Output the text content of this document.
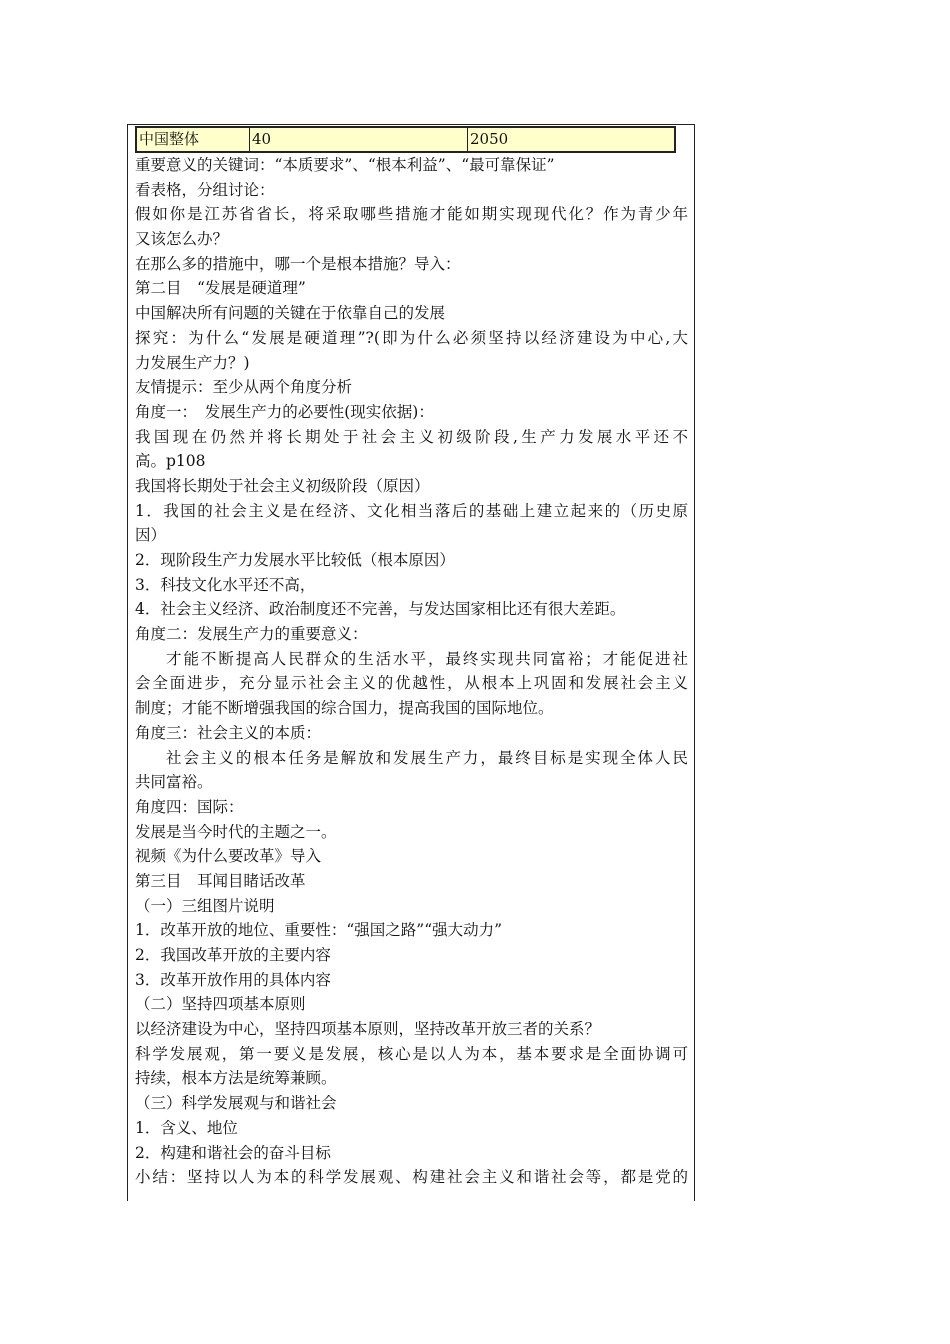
中国整体	40	2050
重要意义的关键词：“本质要求”、“根本利益”、“最可靠保证”
看表格，分组讨论：
假如你是江苏省省长，将采取哪些措施才能如期实现现代化？作为青少年
又该怎么办？
在那么多的措施中，哪一个是根本措施？导入：
第二目　“发展是硬道理”
中国解决所有问题的关键在于依靠自己的发展
探究：为什么“发展是硬道理”?(即为什么必须坚持以经济建设为中心,大
力发展生产力？)
友情提示：至少从两个角度分析
角度一：　发展生产力的必要性(现实依据)：
我国现在仍然并将长期处于社会主义初级阶段,生产力发展水平还不
高。p108
我国将长期处于社会主义初级阶段（原因）
1．我国的社会主义是在经济、文化相当落后的基础上建立起来的（历史原
因）
2．现阶段生产力发展水平比较低（根本原因）
3．科技文化水平还不高，
4．社会主义经济、政治制度还不完善，与发达国家相比还有很大差距。
角度二：发展生产力的重要意义：
才能不断提高人民群众的生活水平，最终实现共同富裕；才能促进社
会全面进步，充分显示社会主义的优越性，从根本上巩固和发展社会主义
制度；才能不断增强我国的综合国力，提高我国的国际地位。
角度三：社会主义的本质：
社会主义的根本任务是解放和发展生产力，最终目标是实现全体人民
共同富裕。
角度四：国际：
发展是当今时代的主题之一。
视频《为什么要改革》导入
第三目　耳闻目睹话改革
（一）三组图片说明
1．改革开放的地位、重要性：“强国之路”“强大动力”
2．我国改革开放的主要内容
3．改革开放作用的具体内容
（二）坚持四项基本原则
以经济建设为中心，坚持四项基本原则，坚持改革开放三者的关系？
科学发展观，第一要义是发展，核心是以人为本，基本要求是全面协调可
持续，根本方法是统筹兼顾。
（三）科学发展观与和谐社会
1．含义、地位
2．构建和谐社会的奋斗目标
小结：坚持以人为本的科学发展观、构建社会主义和谐社会等，都是党的
